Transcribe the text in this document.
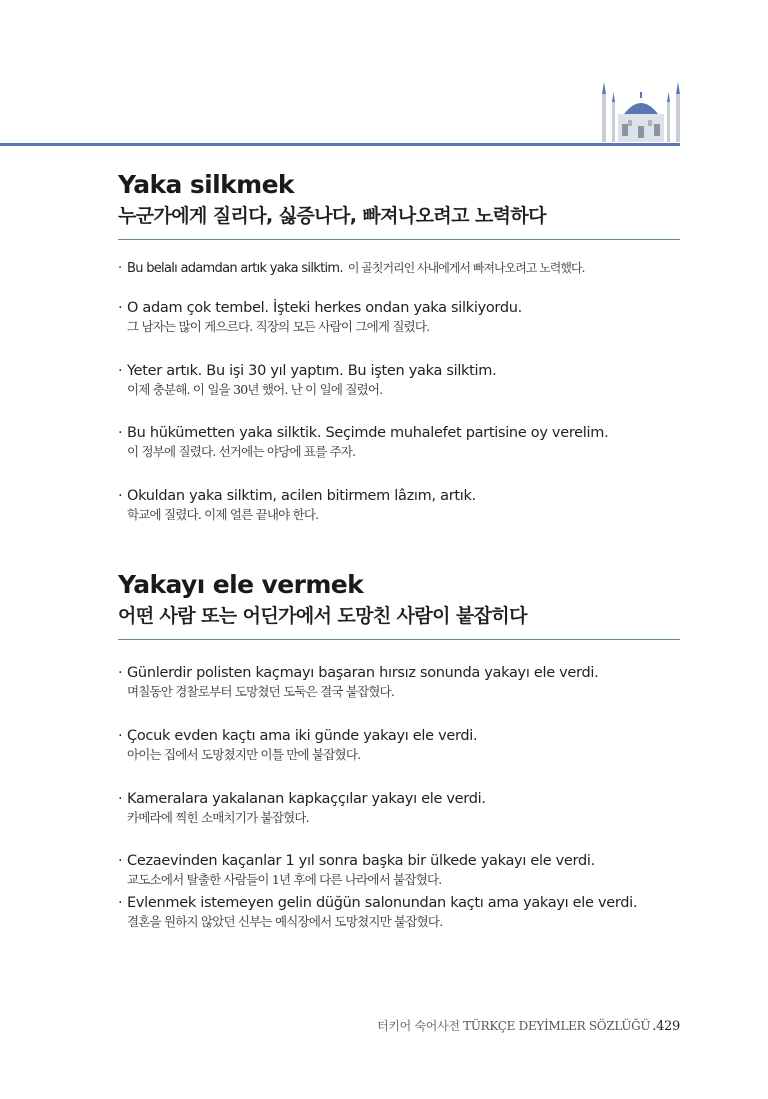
Yaka silkmek
누군가에게 질리다, 싫증나다, 빠져나오려고 노력하다
· Bu belalı adamdan artık yaka silktim. 이 골칫거리인 사내에게서 빠져나오려고 노력했다.
· O adam çok tembel. İşteki herkes ondan yaka silkiyordu.
그 남자는 많이 게으르다. 직장의 모든 사람이 그에게 질렸다.
· Yeter artık. Bu işi 30 yıl yaptım. Bu işten yaka silktim.
이제 충분해. 이 일을 30년 했어. 난 이 일에 질렸어.
· Bu hükümetten yaka silktik. Seçimde muhalefet partisine oy verelim.
이 정부에 질렸다. 선거에는 야당에 표를 주자.
· Okuldan yaka silktim, acilen bitirmem lâzım, artık.
학교에 질렸다. 이제 얼른 끝내야 한다.
Yakayı ele vermek
어떤 사람 또는 어딘가에서 도망친 사람이 붙잡히다
· Günlerdir polisten kaçmayı başaran hırsız sonunda yakayı ele verdi.
며칠동안 경찰로부터 도망쳤던 도둑은 결국 붙잡혔다.
· Çocuk evden kaçtı ama iki günde yakayı ele verdi.
아이는 집에서 도망쳤지만 이틀 만에 붙잡혔다.
· Kameralara yakalanan kapkaççılar yakayı ele verdi.
카메라에 찍힌 소매치기가 붙잡혔다.
· Cezaevinden kaçanlar 1 yıl sonra başka bir ülkede yakayı ele verdi.
교도소에서 탈출한 사람들이 1년 후에 다른 나라에서 붙잡혔다.
· Evlenmek istemeyen gelin düğün salonundan kaçtı ama yakayı ele verdi.
결혼을 원하지 않았던 신부는 예식장에서 도망쳤지만 붙잡혔다.
터키어 숙어사전 TÜRKÇE DEYİMLER SÖZLÜĞÜ .429
